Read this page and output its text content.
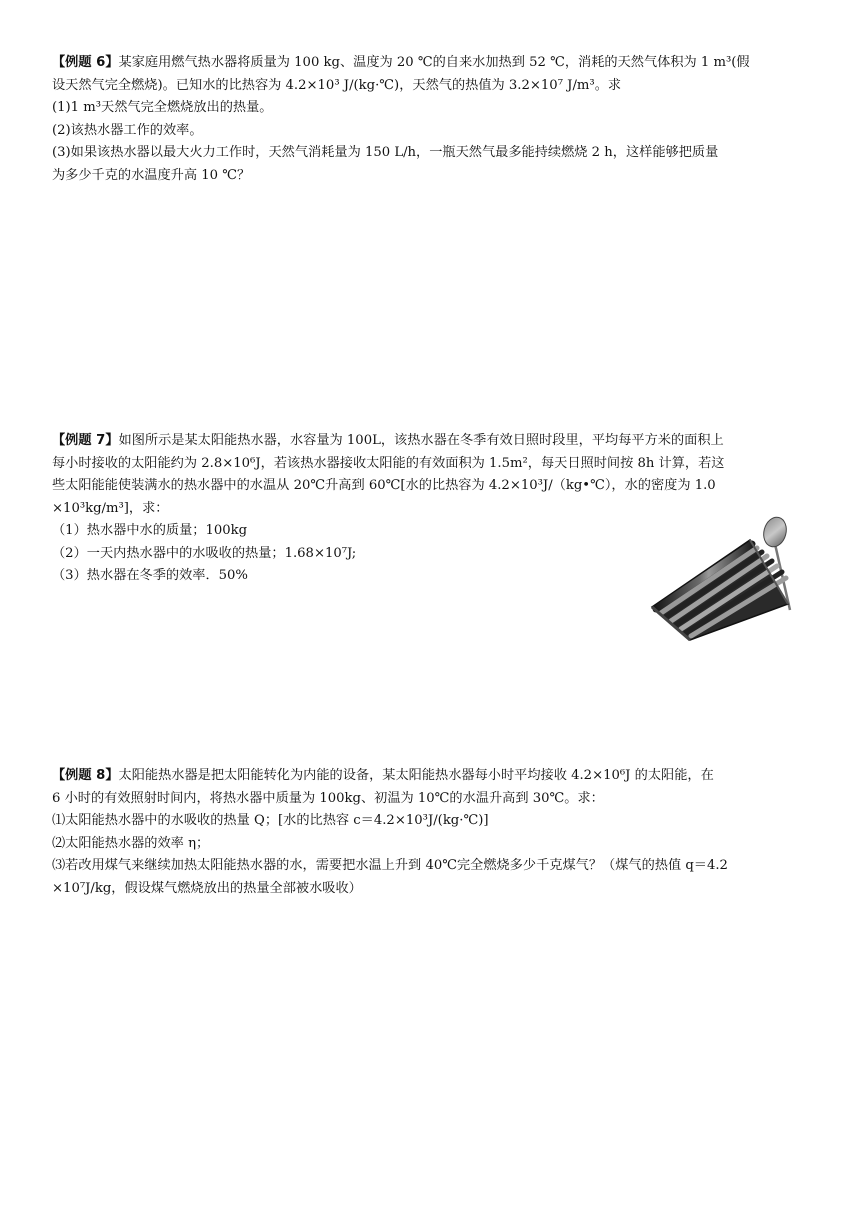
【例题 6】某家庭用燃气热水器将质量为 100 kg、温度为 20 ℃的自来水加热到 52 ℃，消耗的天然气体积为 1 m³(假
设天然气完全燃烧)。已知水的比热容为 4.2×10³ J/(kg·℃)，天然气的热值为 3.2×10⁷ J/m³。求
(1)1 m³天然气完全燃烧放出的热量。
(2)该热水器工作的效率。
(3)如果该热水器以最大火力工作时，天然气消耗量为 150 L/h，一瓶天然气最多能持续燃烧 2 h，这样能够把质量
为多少千克的水温度升高 10 ℃？
【例题 7】如图所示是某太阳能热水器，水容量为 100L，该热水器在冬季有效日照时段里，平均每平方米的面积上
每小时接收的太阳能约为 2.8×10⁶J，若该热水器接收太阳能的有效面积为 1.5m²，每天日照时间按 8h 计算，若这
些太阳能能使装满水的热水器中的水温从 20℃升高到 60℃[水的比热容为 4.2×10³J/（kg•℃），水的密度为 1.0
×10³kg/m³]，求：
（1）热水器中水的质量；100kg
（2）一天内热水器中的水吸收的热量；1.68×10⁷J;
（3）热水器在冬季的效率．50%
【例题 8】太阳能热水器是把太阳能转化为内能的设备，某太阳能热水器每小时平均接收 4.2×10⁶J 的太阳能，在
6 小时的有效照射时间内，将热水器中质量为 100kg、初温为 10℃的水温升高到 30℃。求：
⑴太阳能热水器中的水吸收的热量 Q；[水的比热容 c＝4.2×10³J/(kg·℃)]
⑵太阳能热水器的效率 η；
⑶若改用煤气来继续加热太阳能热水器的水，需要把水温上升到 40℃完全燃烧多少千克煤气？（煤气的热值 q＝4.2
×10⁷J/kg，假设煤气燃烧放出的热量全部被水吸收）
